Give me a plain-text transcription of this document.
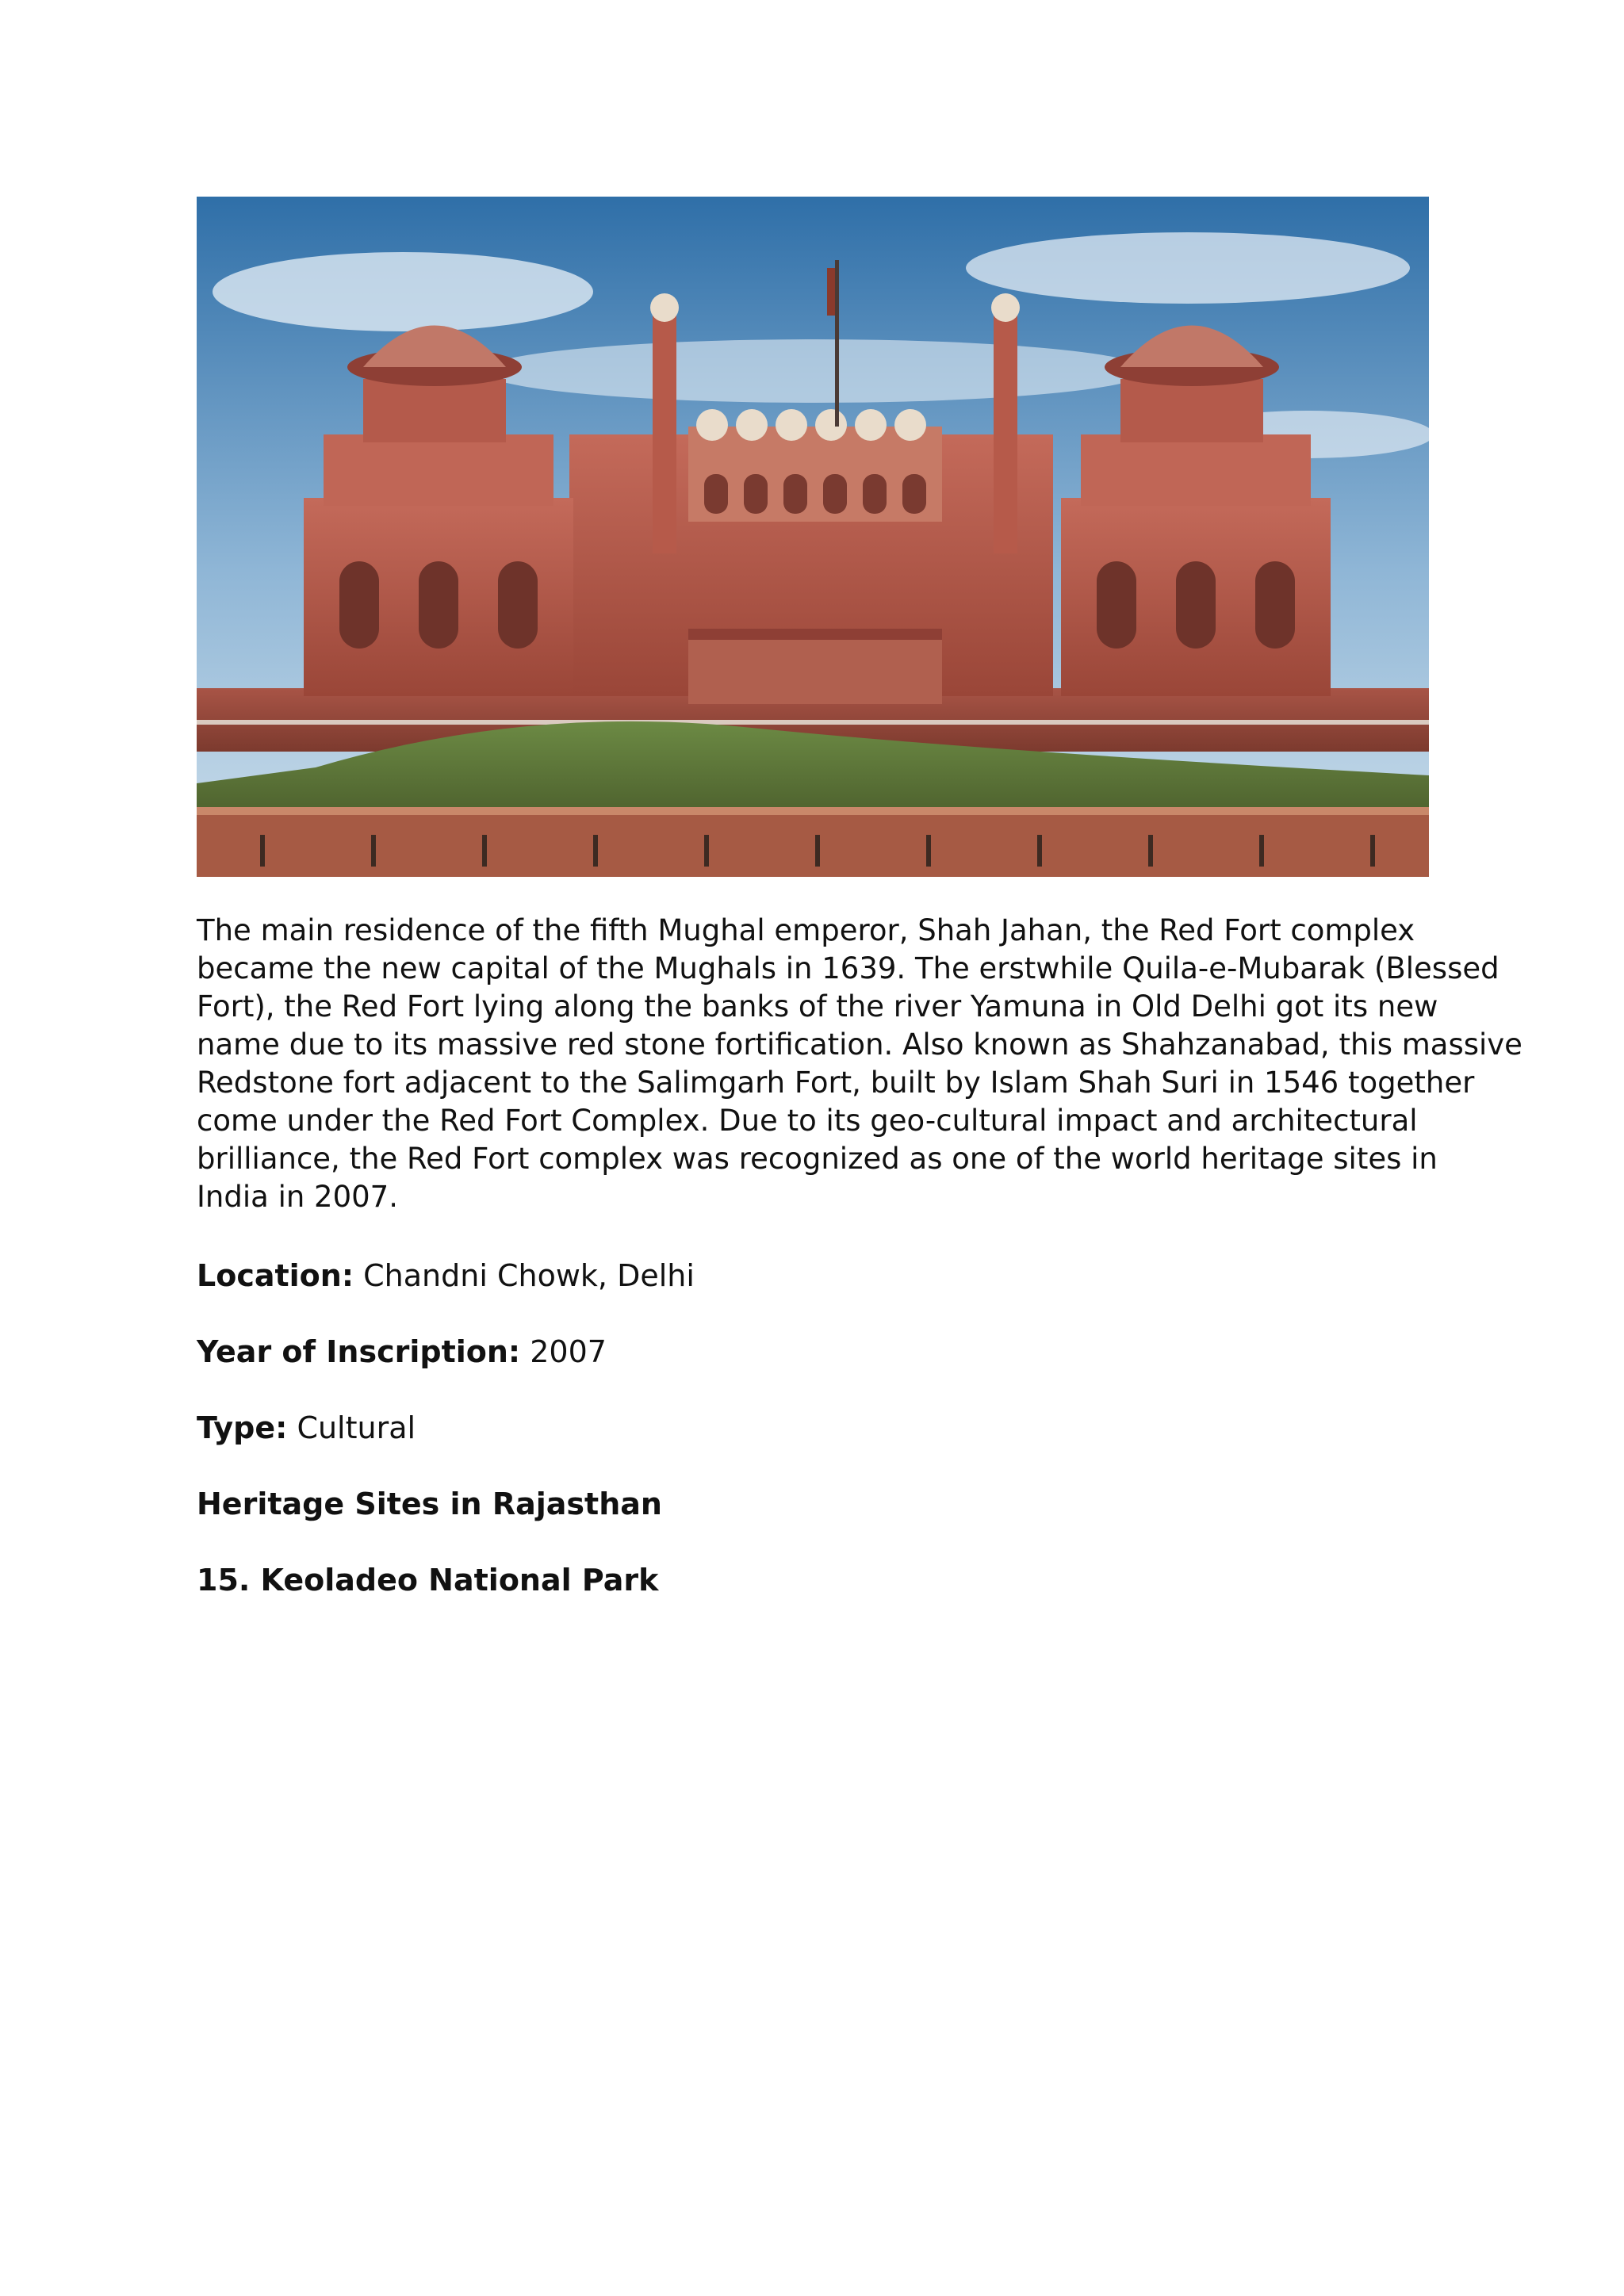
The main residence of the fifth Mughal emperor, Shah Jahan, the Red Fort complex
became the new capital of the Mughals in 1639. The erstwhile Quila-e-Mubarak (Blessed
Fort), the Red Fort lying along the banks of the river Yamuna in Old Delhi got its new
name due to its massive red stone fortification. Also known as Shahzanabad, this massive
Redstone fort adjacent to the Salimgarh Fort, built by Islam Shah Suri in 1546 together
come under the Red Fort Complex. Due to its geo-cultural impact and architectural
brilliance, the Red Fort complex was recognized as one of the world heritage sites in
India in 2007.

Location: Chandni Chowk, Delhi

Year of Inscription: 2007

Type: Cultural

Heritage Sites in Rajasthan

15. Keoladeo National Park
